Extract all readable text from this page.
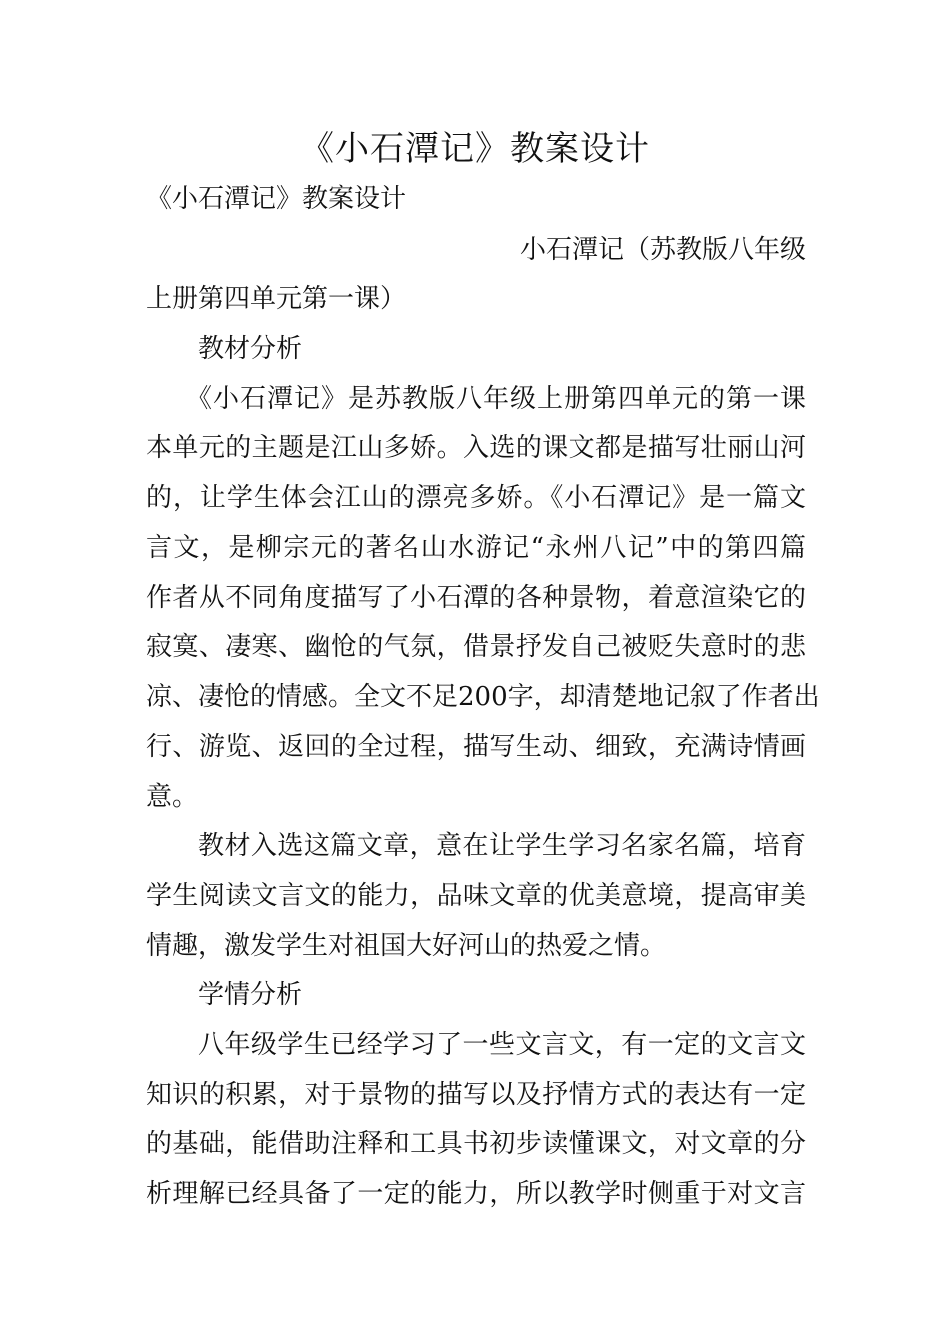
《小石潭记》教案设计
《小石潭记》教案设计
小石潭记（苏教版八年级
上册第四单元第一课）
教材分析
《小石潭记》是苏教版八年级上册第四单元的第一课
本单元的主题是江山多娇。入选的课文都是描写壮丽山河
的，让学生体会江山的漂亮多娇。《小石潭记》是一篇文
言文，是柳宗元的著名山水游记“永州八记”中的第四篇
作者从不同角度描写了小石潭的各种景物，着意渲染它的
寂寞、凄寒、幽怆的气氛，借景抒发自己被贬失意时的悲
凉、凄怆的情感。全文不足200字，却清楚地记叙了作者出
行、游览、返回的全过程，描写生动、细致，充满诗情画
意。
教材入选这篇文章，意在让学生学习名家名篇，培育
学生阅读文言文的能力，品味文章的优美意境，提高审美
情趣，激发学生对祖国大好河山的热爱之情。
学情分析
八年级学生已经学习了一些文言文，有一定的文言文
知识的积累，对于景物的描写以及抒情方式的表达有一定
的基础，能借助注释和工具书初步读懂课文，对文章的分
析理解已经具备了一定的能力，所以教学时侧重于对文言
